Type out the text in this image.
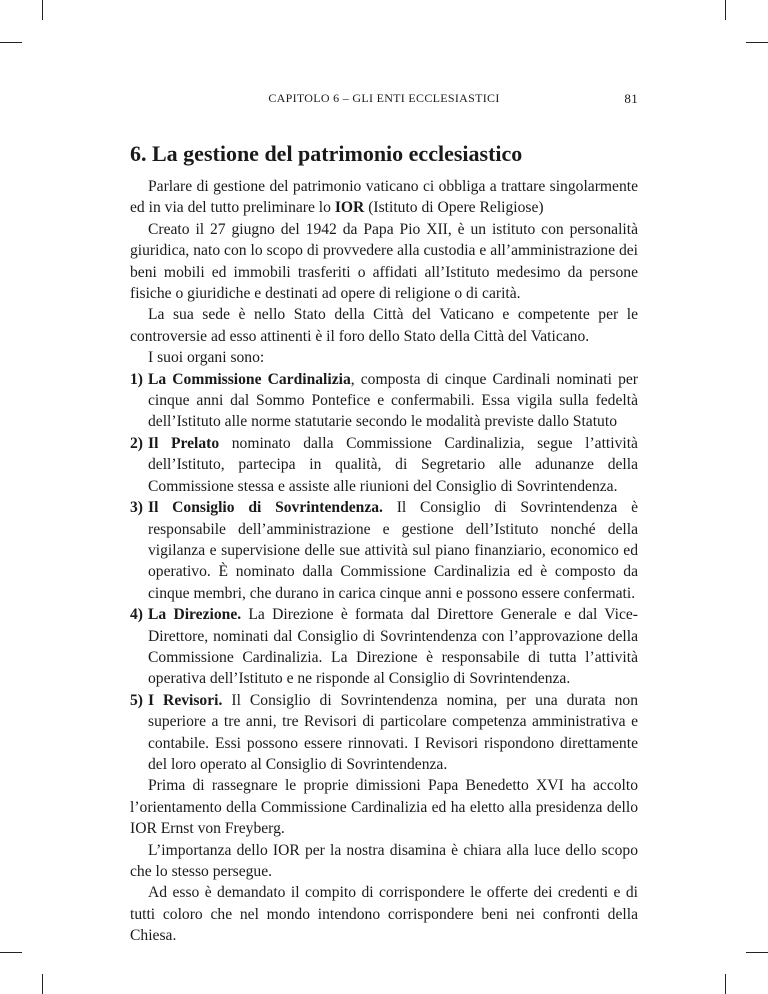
CAPITOLO 6 – GLI ENTI ECCLESIASTICI	81
6. La gestione del patrimonio ecclesiastico

Parlare di gestione del patrimonio vaticano ci obbliga a trattare singolarmente ed in via del tutto preliminare lo IOR (Istituto di Opere Religiose)

Creato il 27 giugno del 1942 da Papa Pio XII, è un istituto con personalità giuridica, nato con lo scopo di provvedere alla custodia e all’amministrazione dei beni mobili ed immobili trasferiti o affidati all’Istituto medesimo da persone fisiche o giuridiche e destinati ad opere di religione o di carità.

La sua sede è nello Stato della Città del Vaticano e competente per le controversie ad esso attinenti è il foro dello Stato della Città del Vaticano.

I suoi organi sono:

1) La Commissione Cardinalizia, composta di cinque Cardinali nominati per cinque anni dal Sommo Pontefice e confermabili. Essa vigila sulla fedeltà dell’Istituto alle norme statutarie secondo le modalità previste dallo Statuto
2) Il Prelato nominato dalla Commissione Cardinalizia, segue l’attività dell’Istituto, partecipa in qualità, di Segretario alle adunanze della Commissione stessa e assiste alle riunioni del Consiglio di Sovrintendenza.
3) Il Consiglio di Sovrintendenza. Il Consiglio di Sovrintendenza è responsabile dell’amministrazione e gestione dell’Istituto nonché della vigilanza e supervisione delle sue attività sul piano finanziario, economico ed operativo. È nominato dalla Commissione Cardinalizia ed è composto da cinque membri, che durano in carica cinque anni e possono essere confermati.
4) La Direzione. La Direzione è formata dal Direttore Generale e dal Vice-Direttore, nominati dal Consiglio di Sovrintendenza con l’approvazione della Commissione Cardinalizia. La Direzione è responsabile di tutta l’attività operativa dell’Istituto e ne risponde al Consiglio di Sovrintendenza.
5) I Revisori. Il Consiglio di Sovrintendenza nomina, per una durata non superiore a tre anni, tre Revisori di particolare competenza amministrativa e contabile. Essi possono essere rinnovati. I Revisori rispondono direttamente del loro operato al Consiglio di Sovrintendenza.

Prima di rassegnare le proprie dimissioni Papa Benedetto XVI ha accolto l’orientamento della Commissione Cardinalizia ed ha eletto alla presidenza dello IOR Ernst von Freyberg.

L’importanza dello IOR per la nostra disamina è chiara alla luce dello scopo che lo stesso persegue.

Ad esso è demandato il compito di corrispondere le offerte dei credenti e di tutti coloro che nel mondo intendono corrispondere beni nei confronti della Chiesa.
